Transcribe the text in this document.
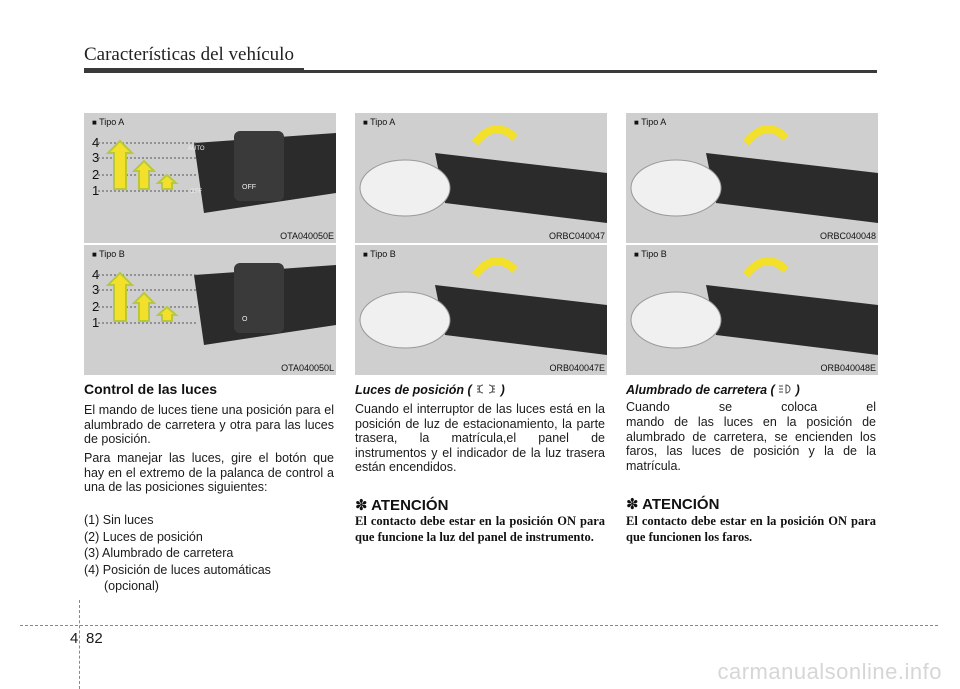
Características del vehículo
4
3
2
1
AUTO
OFF
OFF
■ Tipo A
OTA040050E
4
3
2
1	O
■ Tipo B
OTA040050L
■ Tipo A
ORBC040047
■ Tipo B
ORB040047E
■ Tipo A
ORBC040048
■ Tipo B
ORB040048E
Control de las luces

El mando de luces tiene una posición para el alumbrado de carretera y otra para las luces de posición.

Para manejar las luces, gire el botón que hay en el extremo de la palanca de control a una de las posiciones siguientes:

(1) Sin luces
(2) Luces de posición
(3) Alumbrado de carretera
(4) Posición de luces automáticas
(opcional)
Luces de posición ( )

Cuando el interruptor de las luces está en la posición de luz de estacionamiento, la parte trasera, la matrícula,el panel de instrumentos y el indicador de la luz trasera están encendidos.

✽ ATENCIÓN

El contacto debe estar en la posición ON para que funcione la luz del panel de instrumento.

Alumbrado de carretera ( )

Cuando se coloca el

mando de las luces en la posición de alumbrado de carretera, se encienden los faros, las luces de posición y la de la matrícula.

✽ ATENCIÓN

El contacto debe estar en la posición ON para que funcionen los faros.

4 82
carmanualsonline.info
